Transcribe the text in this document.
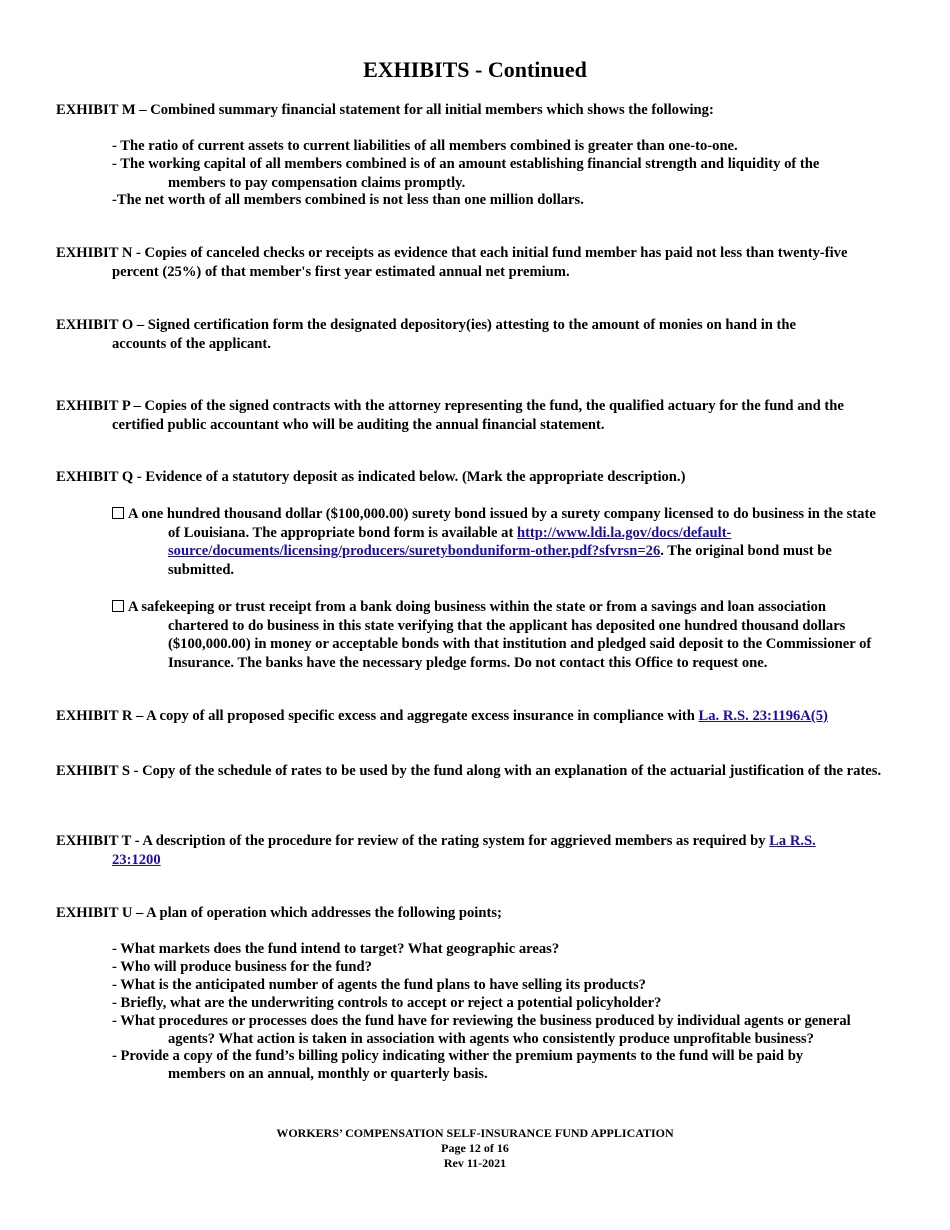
EXHIBITS - Continued
EXHIBIT M – Combined summary financial statement for all initial members which shows the following:
- The ratio of current assets to current liabilities of all members combined is greater than one-to-one.
- The working capital of all members combined is of an amount establishing financial strength and liquidity of the members to pay compensation claims promptly.
-The net worth of all members combined is not less than one million dollars.
EXHIBIT N - Copies of canceled checks or receipts as evidence that each initial fund member has paid not less than twenty-five percent (25%) of that member's first year estimated annual net premium.
EXHIBIT O – Signed certification form the designated depository(ies) attesting to the amount of monies on hand in the accounts of the applicant.
EXHIBIT P – Copies of the signed contracts with the attorney representing the fund, the qualified actuary for the fund and the certified public accountant who will be auditing the annual financial statement.
EXHIBIT Q - Evidence of a statutory deposit as indicated below. (Mark the appropriate description.)
A one hundred thousand dollar ($100,000.00) surety bond issued by a surety company licensed to do business in the state of Louisiana. The appropriate bond form is available at http://www.ldi.la.gov/docs/default-source/documents/licensing/producers/suretybonduniform-other.pdf?sfvrsn=26. The original bond must be submitted.
A safekeeping or trust receipt from a bank doing business within the state or from a savings and loan association chartered to do business in this state verifying that the applicant has deposited one hundred thousand dollars ($100,000.00) in money or acceptable bonds with that institution and pledged said deposit to the Commissioner of Insurance. The banks have the necessary pledge forms. Do not contact this Office to request one.
EXHIBIT R – A copy of all proposed specific excess and aggregate excess insurance in compliance with La. R.S. 23:1196A(5)
EXHIBIT S - Copy of the schedule of rates to be used by the fund along with an explanation of the actuarial justification of the rates.
EXHIBIT T - A description of the procedure for review of the rating system for aggrieved members as required by La R.S. 23:1200
EXHIBIT U – A plan of operation which addresses the following points;
- What markets does the fund intend to target? What geographic areas?
- Who will produce business for the fund?
- What is the anticipated number of agents the fund plans to have selling its products?
- Briefly, what are the underwriting controls to accept or reject a potential policyholder?
- What procedures or processes does the fund have for reviewing the business produced by individual agents or general agents? What action is taken in association with agents who consistently produce unprofitable business?
- Provide a copy of the fund’s billing policy indicating wither the premium payments to the fund will be paid by members on an annual, monthly or quarterly basis.
WORKERS’ COMPENSATION SELF-INSURANCE FUND APPLICATION
Page 12 of 16
Rev 11-2021
